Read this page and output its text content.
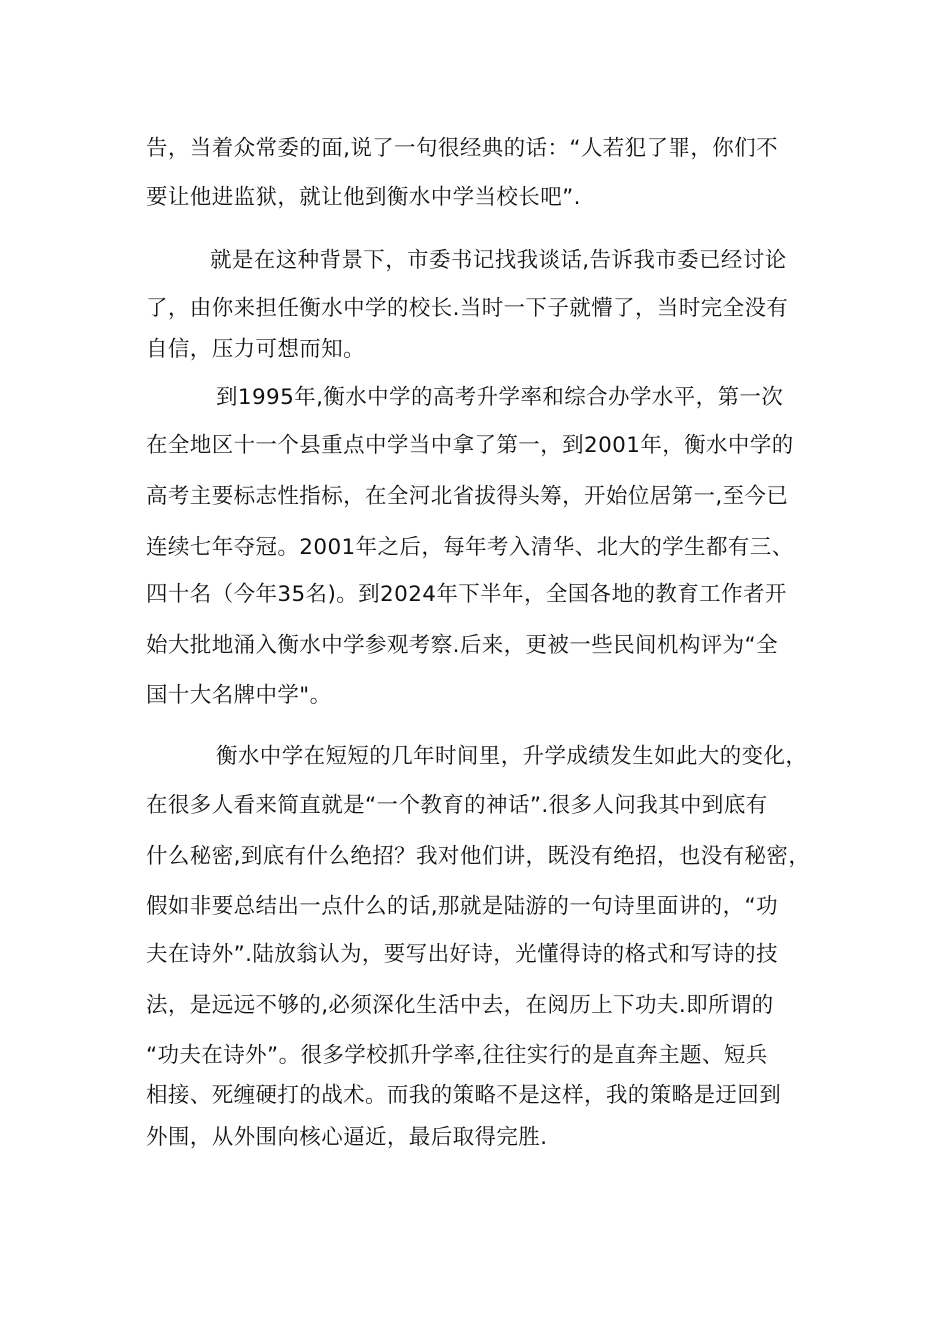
告，当着众常委的面,说了一句很经典的话：“人若犯了罪，你们不
要让他进监狱，就让他到衡水中学当校长吧”.
就是在这种背景下，市委书记找我谈话,告诉我市委已经讨论
了，由你来担任衡水中学的校长.当时一下子就懵了，当时完全没有
自信，压力可想而知。
到1995年,衡水中学的高考升学率和综合办学水平，第一次
在全地区十一个县重点中学当中拿了第一，到2001年，衡水中学的
高考主要标志性指标，在全河北省拔得头筹，开始位居第一,至今已
连续七年夺冠。2001年之后，每年考入清华、北大的学生都有三、
四十名（今年35名)。到2024年下半年，全国各地的教育工作者开
始大批地涌入衡水中学参观考察.后来，更被一些民间机构评为“全
国十大名牌中学"。
衡水中学在短短的几年时间里，升学成绩发生如此大的变化，
在很多人看来简直就是“一个教育的神话”.很多人问我其中到底有
什么秘密,到底有什么绝招？我对他们讲，既没有绝招，也没有秘密，
假如非要总结出一点什么的话,那就是陆游的一句诗里面讲的，“功
夫在诗外”.陆放翁认为，要写出好诗，光懂得诗的格式和写诗的技
法，是远远不够的,必须深化生活中去，在阅历上下功夫.即所谓的
“功夫在诗外”。很多学校抓升学率,往往实行的是直奔主题、短兵
相接、死缠硬打的战术。而我的策略不是这样，我的策略是迂回到
外围，从外围向核心逼近，最后取得完胜.
